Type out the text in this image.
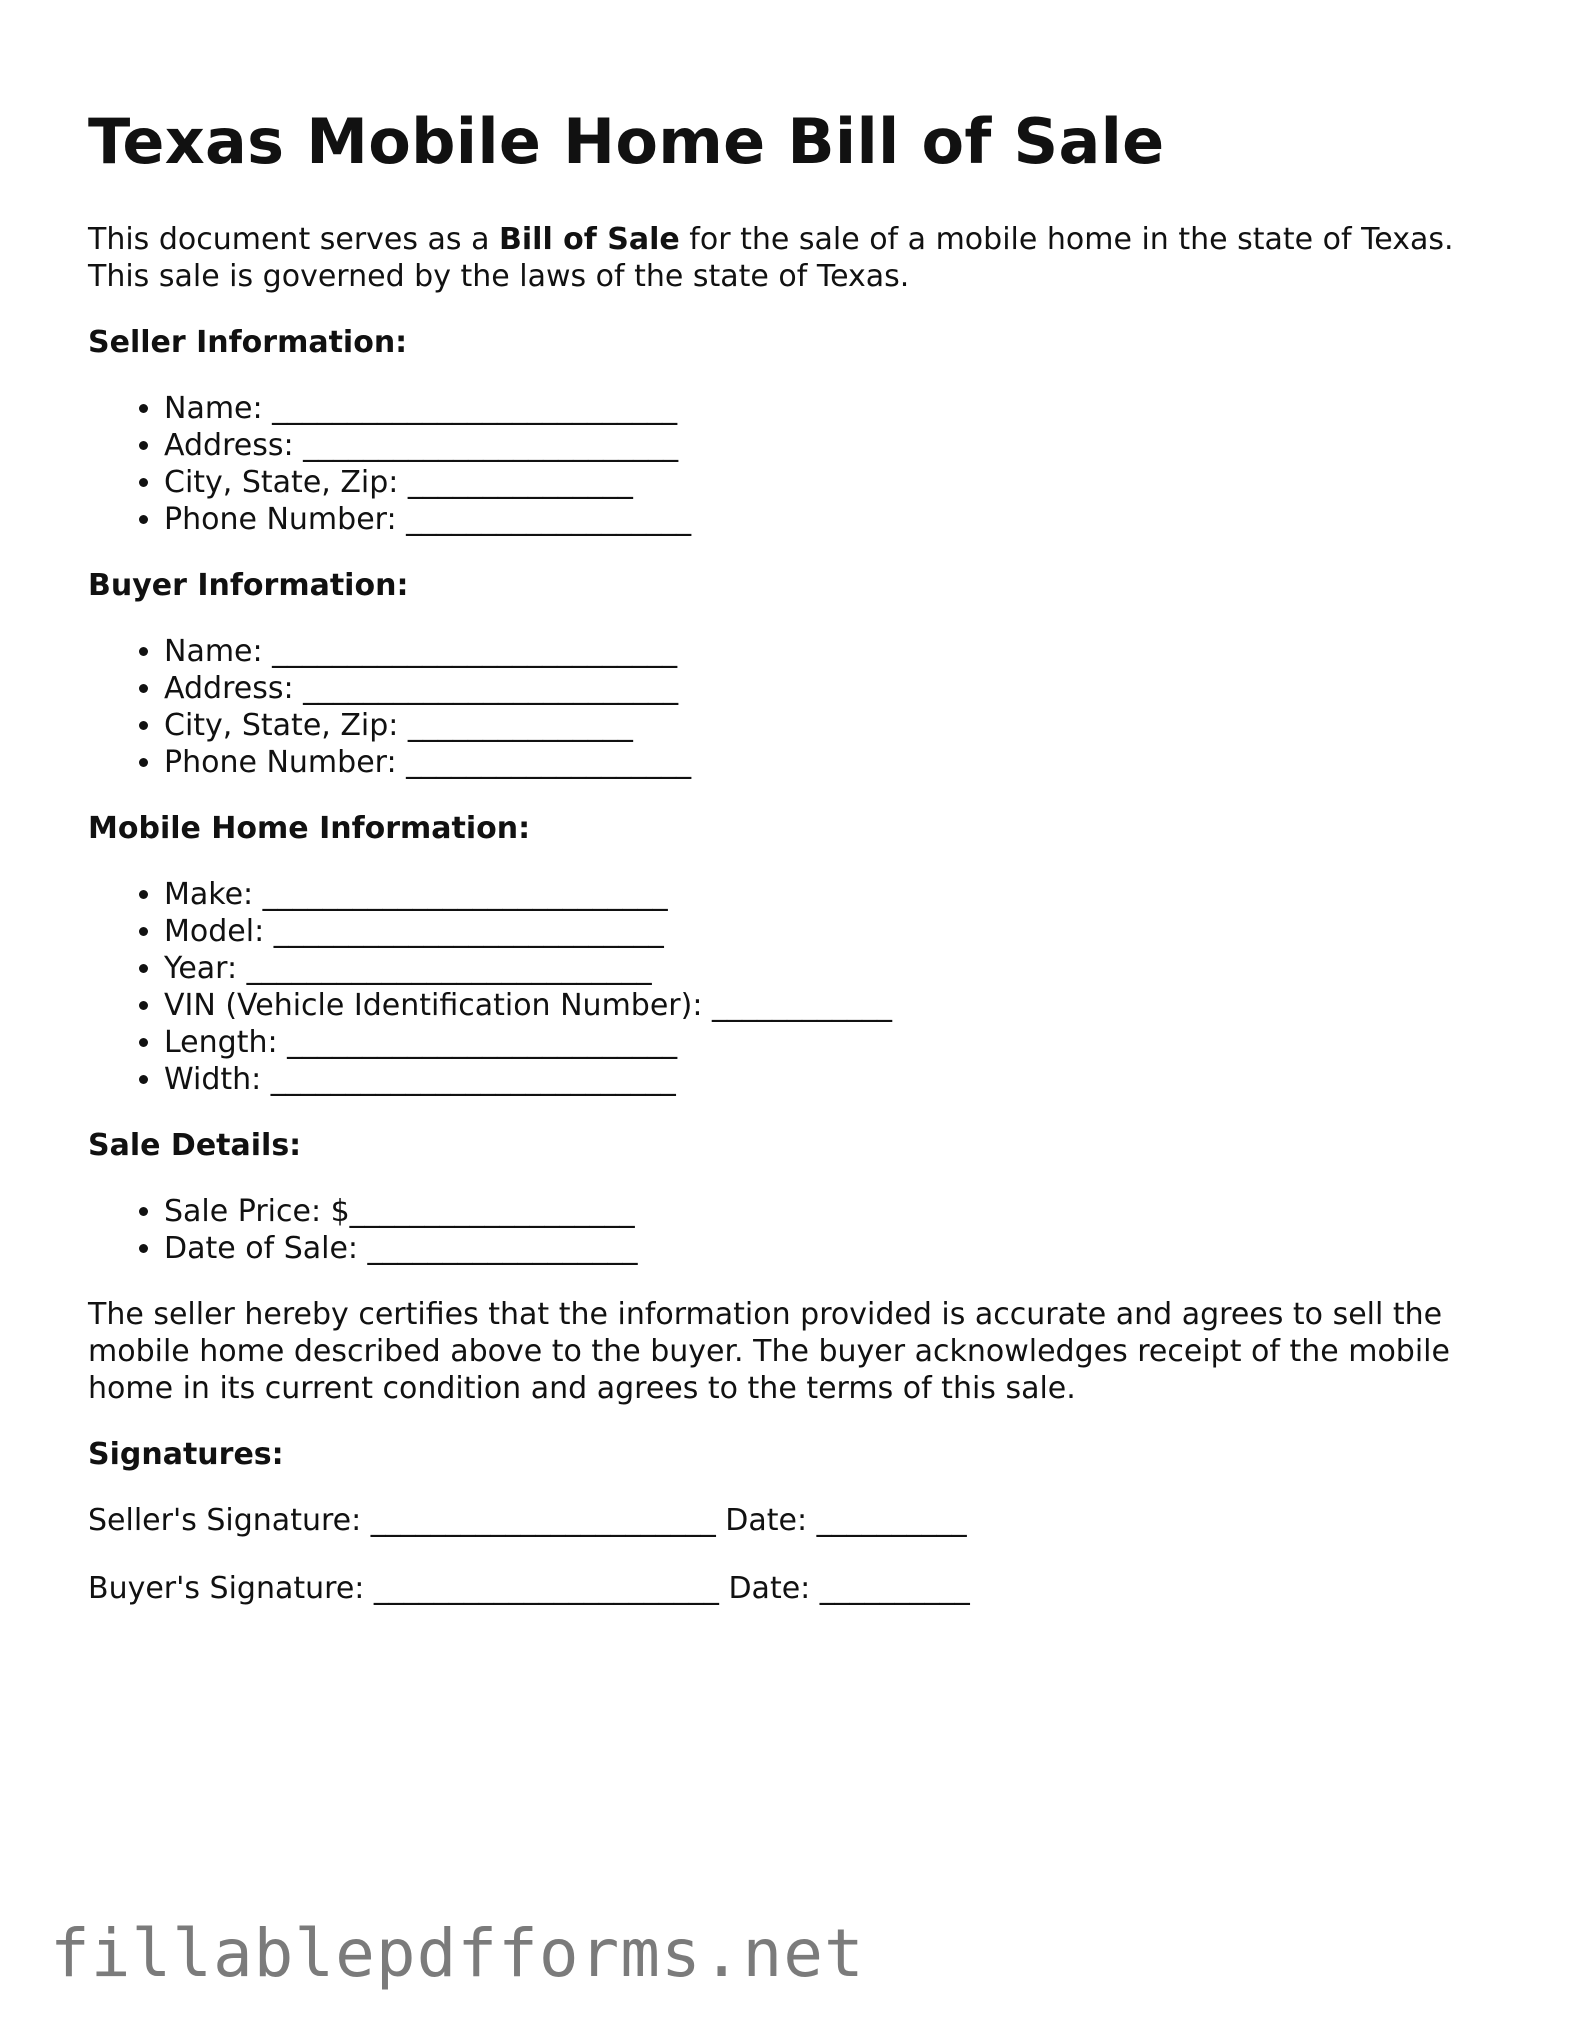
Texas Mobile Home Bill of Sale

This document serves as a Bill of Sale for the sale of a mobile home in the state of Texas. This sale is governed by the laws of the state of Texas.

Seller Information:
• Name: ___________________________
• Address: _________________________
• City, State, Zip: _______________
• Phone Number: ___________________
Buyer Information:
• Name: ___________________________
• Address: _________________________
• City, State, Zip: _______________
• Phone Number: ___________________
Mobile Home Information:
• Make: ___________________________
• Model: __________________________
• Year: ___________________________
• VIN (Vehicle Identification Number): ____________
• Length: __________________________
• Width: ___________________________
Sale Details:
• Sale Price: $___________________
• Date of Sale: __________________

The seller hereby certifies that the information provided is accurate and agrees to sell the mobile home described above to the buyer. The buyer acknowledges receipt of the mobile home in its current condition and agrees to the terms of this sale.

Signatures:

Seller's Signature: _______________________ Date: __________

Buyer's Signature: _______________________ Date: __________

fillablepdfforms.net
